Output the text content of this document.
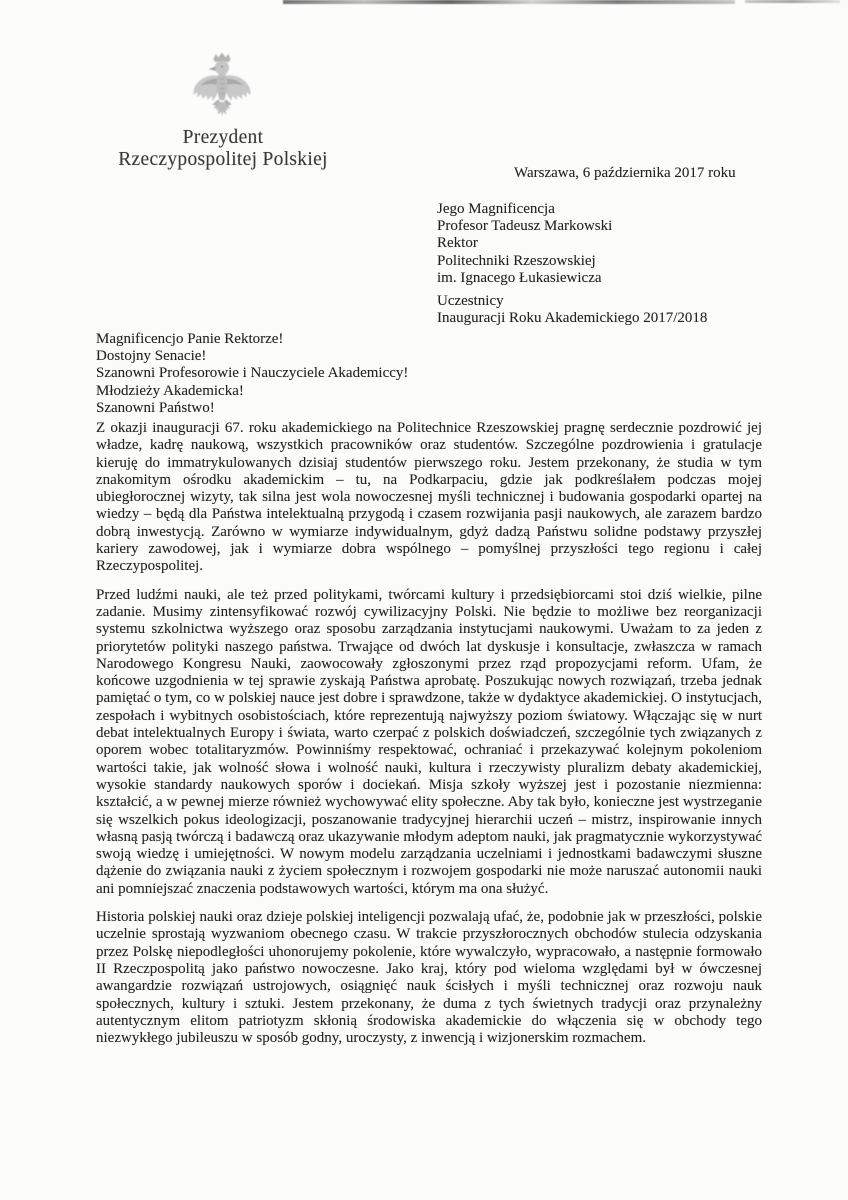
Prezydent
Rzeczypospolitej Polskiej
Warszawa, 6 października 2017 roku
Jego Magnificencja
Profesor Tadeusz Markowski
Rektor
Politechniki Rzeszowskiej
im. Ignacego Łukasiewicza
Uczestnicy
Inauguracji Roku Akademickiego 2017/2018
Magnificencjo Panie Rektorze!
Dostojny Senacie!
Szanowni Profesorowie i Nauczyciele Akademiccy!
Młodzieży Akademicka!
Szanowni Państwo!

Z okazji inauguracji 67. roku akademickiego na Politechnice Rzeszowskiej pragnę serdecznie pozdrowić jej władze, kadrę naukową, wszystkich pracowników oraz studentów. Szczególne pozdrowienia i gratulacje kieruję do immatrykulowanych dzisiaj studentów pierwszego roku. Jestem przekonany, że studia w tym znakomitym ośrodku akademickim – tu, na Podkarpaciu, gdzie jak podkreślałem podczas mojej ubiegłorocznej wizyty, tak silna jest wola nowoczesnej myśli technicznej i budowania gospodarki opartej na wiedzy – będą dla Państwa intelektualną przygodą i czasem rozwijania pasji naukowych, ale zarazem bardzo dobrą inwestycją. Zarówno w wymiarze indywidualnym, gdyż dadzą Państwu solidne podstawy przyszłej kariery zawodowej, jak i wymiarze dobra wspólnego – pomyślnej przyszłości tego regionu i całej Rzeczypospolitej.

Przed ludźmi nauki, ale też przed politykami, twórcami kultury i przedsiębiorcami stoi dziś wielkie, pilne zadanie. Musimy zintensyfikować rozwój cywilizacyjny Polski. Nie będzie to możliwe bez reorganizacji systemu szkolnictwa wyższego oraz sposobu zarządzania instytucjami naukowymi. Uważam to za jeden z priorytetów polityki naszego państwa. Trwające od dwóch lat dyskusje i konsultacje, zwłaszcza w ramach Narodowego Kongresu Nauki, zaowocowały zgłoszonymi przez rząd propozycjami reform. Ufam, że końcowe uzgodnienia w tej sprawie zyskają Państwa aprobatę. Poszukując nowych rozwiązań, trzeba jednak pamiętać o tym, co w polskiej nauce jest dobre i sprawdzone, także w dydaktyce akademickiej. O instytucjach, zespołach i wybitnych osobistościach, które reprezentują najwyższy poziom światowy. Włączając się w nurt debat intelektualnych Europy i świata, warto czerpać z polskich doświadczeń, szczególnie tych związanych z oporem wobec totalitaryzmów. Powinniśmy respektować, ochraniać i przekazywać kolejnym pokoleniom wartości takie, jak wolność słowa i wolność nauki, kultura i rzeczywisty pluralizm debaty akademickiej, wysokie standardy naukowych sporów i dociekań. Misja szkoły wyższej jest i pozostanie niezmienna: kształcić, a w pewnej mierze również wychowywać elity społeczne. Aby tak było, konieczne jest wystrzeganie się wszelkich pokus ideologizacji, poszanowanie tradycyjnej hierarchii uczeń – mistrz, inspirowanie innych własną pasją twórczą i badawczą oraz ukazywanie młodym adeptom nauki, jak pragmatycznie wykorzystywać swoją wiedzę i umiejętności. W nowym modelu zarządzania uczelniami i jednostkami badawczymi słuszne dążenie do związania nauki z życiem społecznym i rozwojem gospodarki nie może naruszać autonomii nauki ani pomniejszać znaczenia podstawowych wartości, którym ma ona służyć.

Historia polskiej nauki oraz dzieje polskiej inteligencji pozwalają ufać, że, podobnie jak w przeszłości, polskie uczelnie sprostają wyzwaniom obecnego czasu. W trakcie przyszłorocznych obchodów stulecia odzyskania przez Polskę niepodległości uhonorujemy pokolenie, które wywalczyło, wypracowało, a następnie formowało II Rzeczpospolitą jako państwo nowoczesne. Jako kraj, który pod wieloma względami był w ówczesnej awangardzie rozwiązań ustrojowych, osiągnięć nauk ścisłych i myśli technicznej oraz rozwoju nauk społecznych, kultury i sztuki. Jestem przekonany, że duma z tych świetnych tradycji oraz przynależny autentycznym elitom patriotyzm skłonią środowiska akademickie do włączenia się w obchody tego niezwykłego jubileuszu w sposób godny, uroczysty, z inwencją i wizjonerskim rozmachem.
